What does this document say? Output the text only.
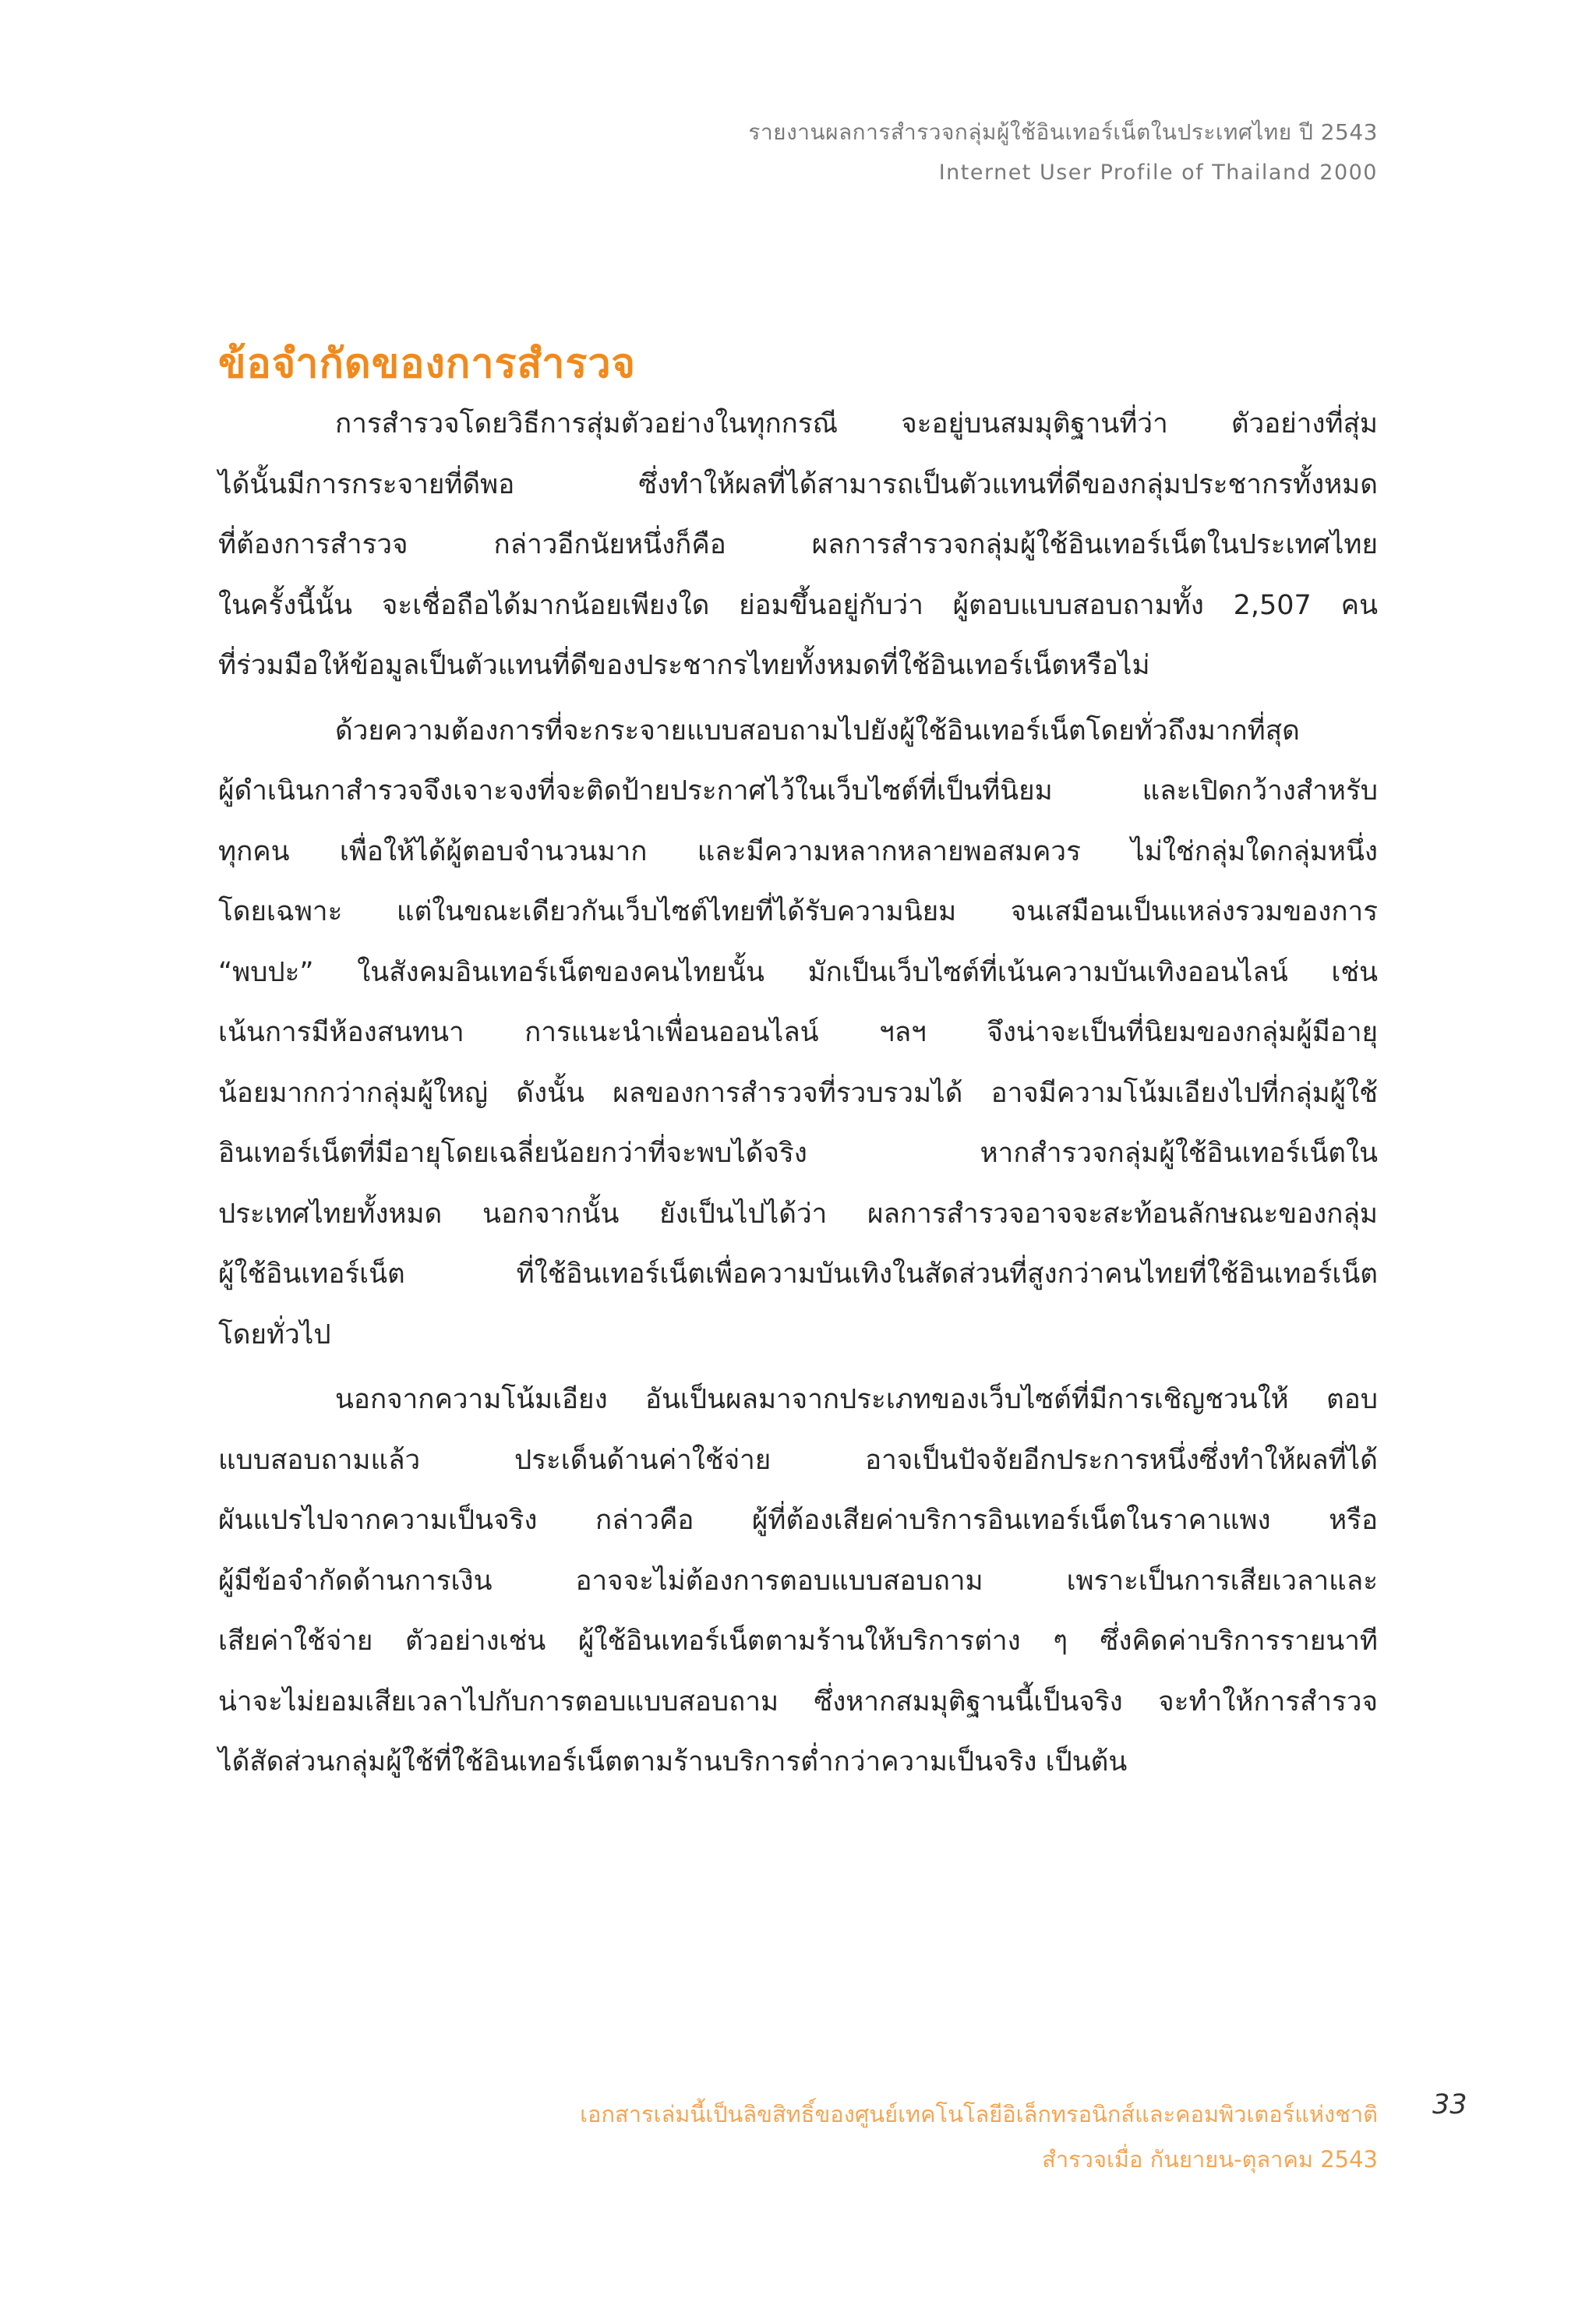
รายงานผลการสำรวจกลุ่มผู้ใช้อินเทอร์เน็ตในประเทศไทย ปี 2543
Internet User Profile of Thailand 2000
ข้อจำกัดของการสำรวจ

การสำรวจโดยวิธีการสุ่มตัวอย่างในทุกกรณี จะอยู่บนสมมุติฐานที่ว่า ตัวอย่างที่สุ่ม
ได้นั้นมีการกระจายที่ดีพอ ซึ่งทำให้ผลที่ได้สามารถเป็นตัวแทนที่ดีของกลุ่มประชากรทั้งหมด
ที่ต้องการสำรวจ กล่าวอีกนัยหนึ่งก็คือ ผลการสำรวจกลุ่มผู้ใช้อินเทอร์เน็ตในประเทศไทย
ในครั้งนี้นั้น จะเชื่อถือได้มากน้อยเพียงใด ย่อมขึ้นอยู่กับว่า ผู้ตอบแบบสอบถามทั้ง 2,507 คน
ที่ร่วมมือให้ข้อมูลเป็นตัวแทนที่ดีของประชากรไทยทั้งหมดที่ใช้อินเทอร์เน็ตหรือไม่

ด้วยความต้องการที่จะกระจายแบบสอบถามไปยังผู้ใช้อินเทอร์เน็ตโดยทั่วถึงมากที่สุด
ผู้ดำเนินกาสำรวจจึงเจาะจงที่จะติดป้ายประกาศไว้ในเว็บไซต์ที่เป็นที่นิยม และเปิดกว้างสำหรับ
ทุกคน เพื่อให้ได้ผู้ตอบจำนวนมาก และมีความหลากหลายพอสมควร ไม่ใช่กลุ่มใดกลุ่มหนึ่ง
โดยเฉพาะ แต่ในขณะเดียวกันเว็บไซต์ไทยที่ได้รับความนิยม จนเสมือนเป็นแหล่งรวมของการ
“พบปะ” ในสังคมอินเทอร์เน็ตของคนไทยนั้น มักเป็นเว็บไซต์ที่เน้นความบันเทิงออนไลน์ เช่น
เน้นการมีห้องสนทนา การแนะนำเพื่อนออนไลน์ ฯลฯ จึงน่าจะเป็นที่นิยมของกลุ่มผู้มีอายุ
น้อยมากกว่ากลุ่มผู้ใหญ่ ดังนั้น ผลของการสำรวจที่รวบรวมได้ อาจมีความโน้มเอียงไปที่กลุ่มผู้ใช้
อินเทอร์เน็ตที่มีอายุโดยเฉลี่ยน้อยกว่าที่จะพบได้จริง หากสำรวจกลุ่มผู้ใช้อินเทอร์เน็ตใน
ประเทศไทยทั้งหมด นอกจากนั้น ยังเป็นไปได้ว่า ผลการสำรวจอาจจะสะท้อนลักษณะของกลุ่ม
ผู้ใช้อินเทอร์เน็ต ที่ใช้อินเทอร์เน็ตเพื่อความบันเทิงในสัดส่วนที่สูงกว่าคนไทยที่ใช้อินเทอร์เน็ต
โดยทั่วไป

นอกจากความโน้มเอียง อันเป็นผลมาจากประเภทของเว็บไซต์ที่มีการเชิญชวนให้ ตอบ
แบบสอบถามแล้ว ประเด็นด้านค่าใช้จ่าย อาจเป็นปัจจัยอีกประการหนึ่งซึ่งทำให้ผลที่ได้
ผันแปรไปจากความเป็นจริง กล่าวคือ ผู้ที่ต้องเสียค่าบริการอินเทอร์เน็ตในราคาแพง หรือ
ผู้มีข้อจำกัดด้านการเงิน อาจจะไม่ต้องการตอบแบบสอบถาม เพราะเป็นการเสียเวลาและ
เสียค่าใช้จ่าย ตัวอย่างเช่น ผู้ใช้อินเทอร์เน็ตตามร้านให้บริการต่าง ๆ ซึ่งคิดค่าบริการรายนาที
น่าจะไม่ยอมเสียเวลาไปกับการตอบแบบสอบถาม ซึ่งหากสมมุติฐานนี้เป็นจริง จะทำให้การสำรวจ
ได้สัดส่วนกลุ่มผู้ใช้ที่ใช้อินเทอร์เน็ตตามร้านบริการต่ำกว่าความเป็นจริง เป็นต้น

เอกสารเล่มนี้เป็นลิขสิทธิ์ของศูนย์เทคโนโลยีอิเล็กทรอนิกส์และคอมพิวเตอร์แห่งชาติ
สำรวจเมื่อ กันยายน-ตุลาคม 2543
33
